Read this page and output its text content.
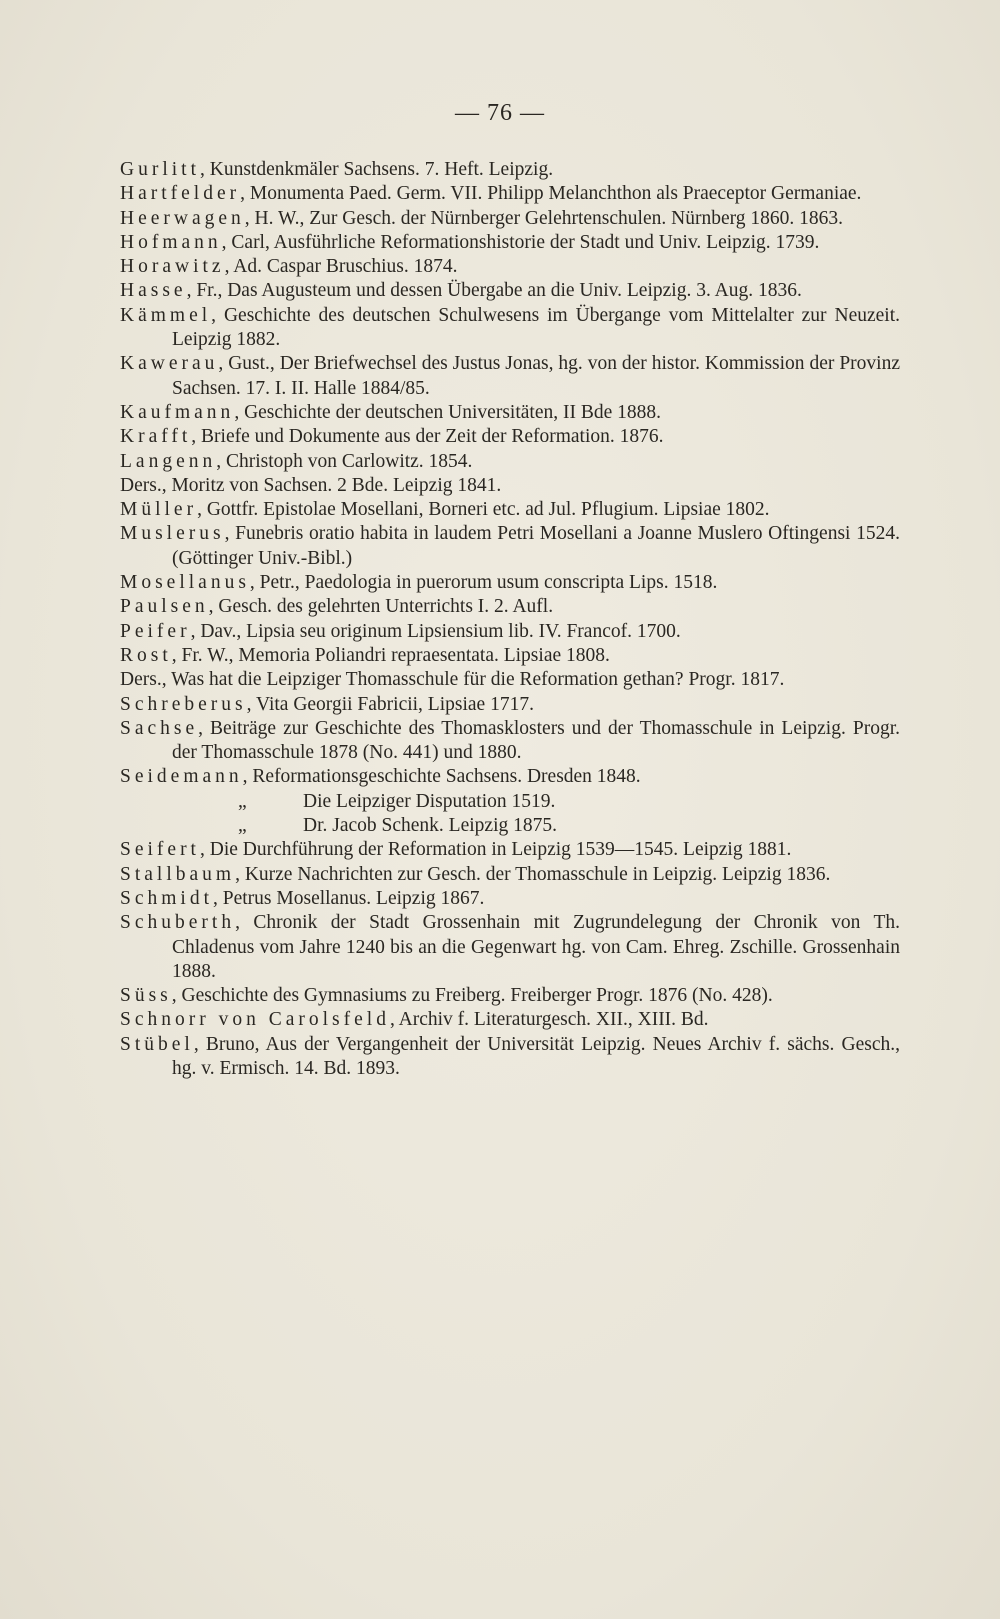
— 76 —
Gurlitt, Kunstdenkmäler Sachsens. 7. Heft. Leipzig.
Hartfelder, Monumenta Paed. Germ. VII. Philipp Melanchthon als Praeceptor Germaniae.
Heerwagen, H. W., Zur Gesch. der Nürnberger Gelehrtenschulen. Nürnberg 1860. 1863.
Hofmann, Carl, Ausführliche Reformationshistorie der Stadt und Univ. Leipzig. 1739.
Horawitz, Ad. Caspar Bruschius. 1874.
Hasse, Fr., Das Augusteum und dessen Übergabe an die Univ. Leipzig. 3. Aug. 1836.
Kämmel, Geschichte des deutschen Schulwesens im Übergange vom Mittelalter zur Neuzeit. Leipzig 1882.
Kawerau, Gust., Der Briefwechsel des Justus Jonas, hg. von der histor. Kommission der Provinz Sachsen. 17. I. II. Halle 1884/85.
Kaufmann, Geschichte der deutschen Universitäten, II Bde 1888.
Krafft, Briefe und Dokumente aus der Zeit der Reformation. 1876.
Langenn, Christoph von Carlowitz. 1854.
Ders., Moritz von Sachsen. 2 Bde. Leipzig 1841.
Müller, Gottfr. Epistolae Mosellani, Borneri etc. ad Jul. Pflugium. Lipsiae 1802.
Muslerus, Funebris oratio habita in laudem Petri Mosellani a Joanne Muslero Oftingensi 1524. (Göttinger Univ.-Bibl.)
Mosellanus, Petr., Paedologia in puerorum usum conscripta Lips. 1518.
Paulsen, Gesch. des gelehrten Unterrichts I. 2. Aufl.
Peifer, Dav., Lipsia seu originum Lipsiensium lib. IV. Francof. 1700.
Rost, Fr. W., Memoria Poliandri repraesentata. Lipsiae 1808.
Ders., Was hat die Leipziger Thomasschule für die Reformation gethan? Progr. 1817.
Schreberus, Vita Georgii Fabricii, Lipsiae 1717.
Sachse, Beiträge zur Geschichte des Thomasklosters und der Thomasschule in Leipzig. Progr. der Thomasschule 1878 (No. 441) und 1880.
Seidemann, Reformationsgeschichte Sachsens. Dresden 1848.
„	Die Leipziger Disputation 1519.
„	Dr. Jacob Schenk. Leipzig 1875.
Seifert, Die Durchführung der Reformation in Leipzig 1539—1545. Leipzig 1881.
Stallbaum, Kurze Nachrichten zur Gesch. der Thomasschule in Leipzig. Leipzig 1836.
Schmidt, Petrus Mosellanus. Leipzig 1867.
Schuberth, Chronik der Stadt Grossenhain mit Zugrundelegung der Chronik von Th. Chladenus vom Jahre 1240 bis an die Gegenwart hg. von Cam. Ehreg. Zschille. Grossenhain 1888.
Süss, Geschichte des Gymnasiums zu Freiberg. Freiberger Progr. 1876 (No. 428).
Schnorr von Carolsfeld, Archiv f. Literaturgesch. XII., XIII. Bd.
Stübel, Bruno, Aus der Vergangenheit der Universität Leipzig. Neues Archiv f. sächs. Gesch., hg. v. Ermisch. 14. Bd. 1893.
